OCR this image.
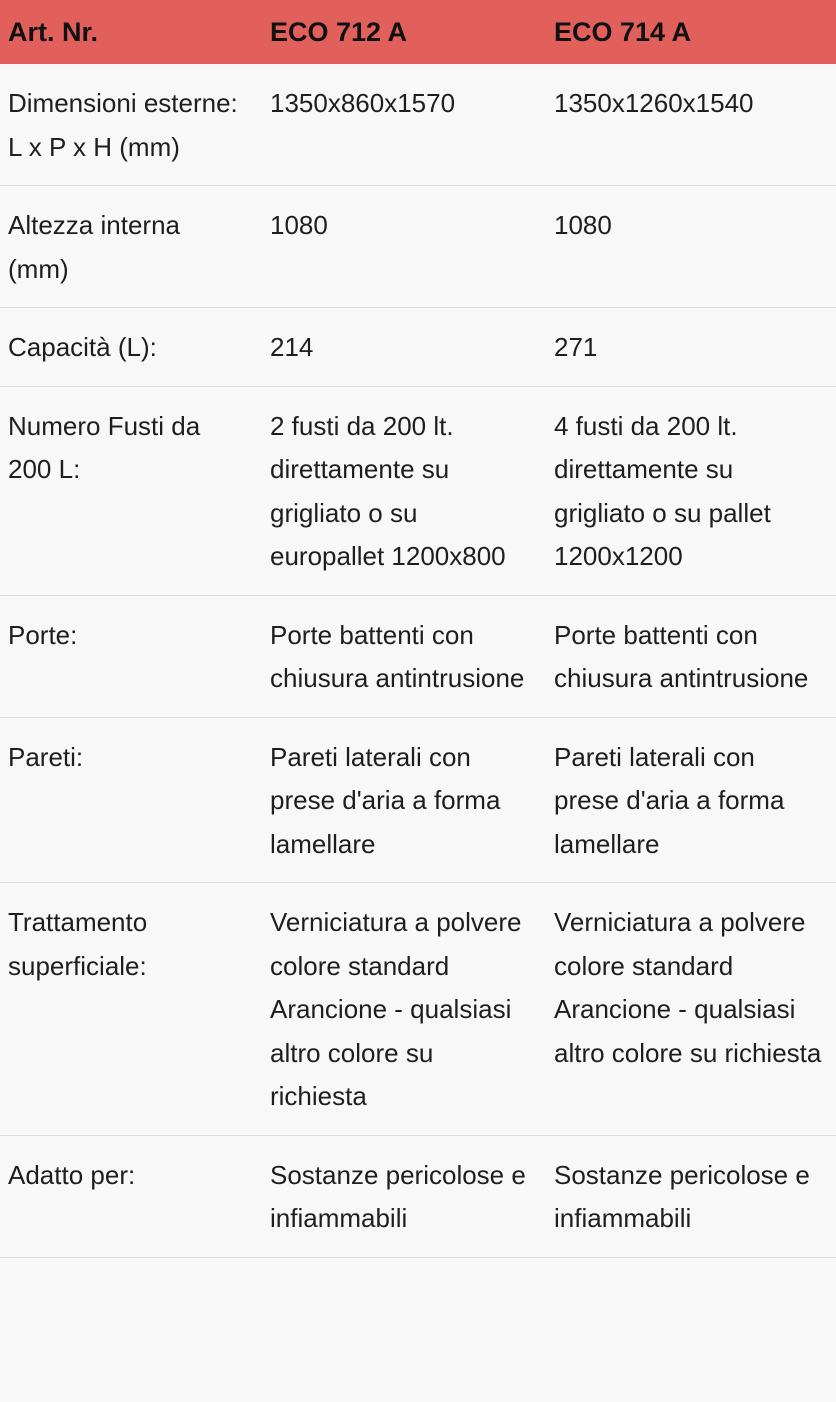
Art. Nr.	ECO 712 A	ECO 714 A
Dimensioni esterne: L x P x H (mm)	1350x860x1570	1350x1260x1540
Altezza interna (mm)	1080	1080
Capacità (L):	214	271
Numero Fusti da 200 L:	2 fusti da 200 lt. direttamente su grigliato o su europallet 1200x800	4 fusti da 200 lt. direttamente su grigliato o su pallet 1200x1200
Porte:	Porte battenti con chiusura antintrusione	Porte battenti con chiusura antintrusione
Pareti:	Pareti laterali con prese d'aria a forma lamellare	Pareti laterali con prese d'aria a forma lamellare
Trattamento superficiale:	Verniciatura a polvere colore standard Arancione - qualsiasi altro colore su richiesta	Verniciatura a polvere colore standard Arancione - qualsiasi altro colore su richiesta
Adatto per:	Sostanze pericolose e infiammabili	Sostanze pericolose e infiammabili
